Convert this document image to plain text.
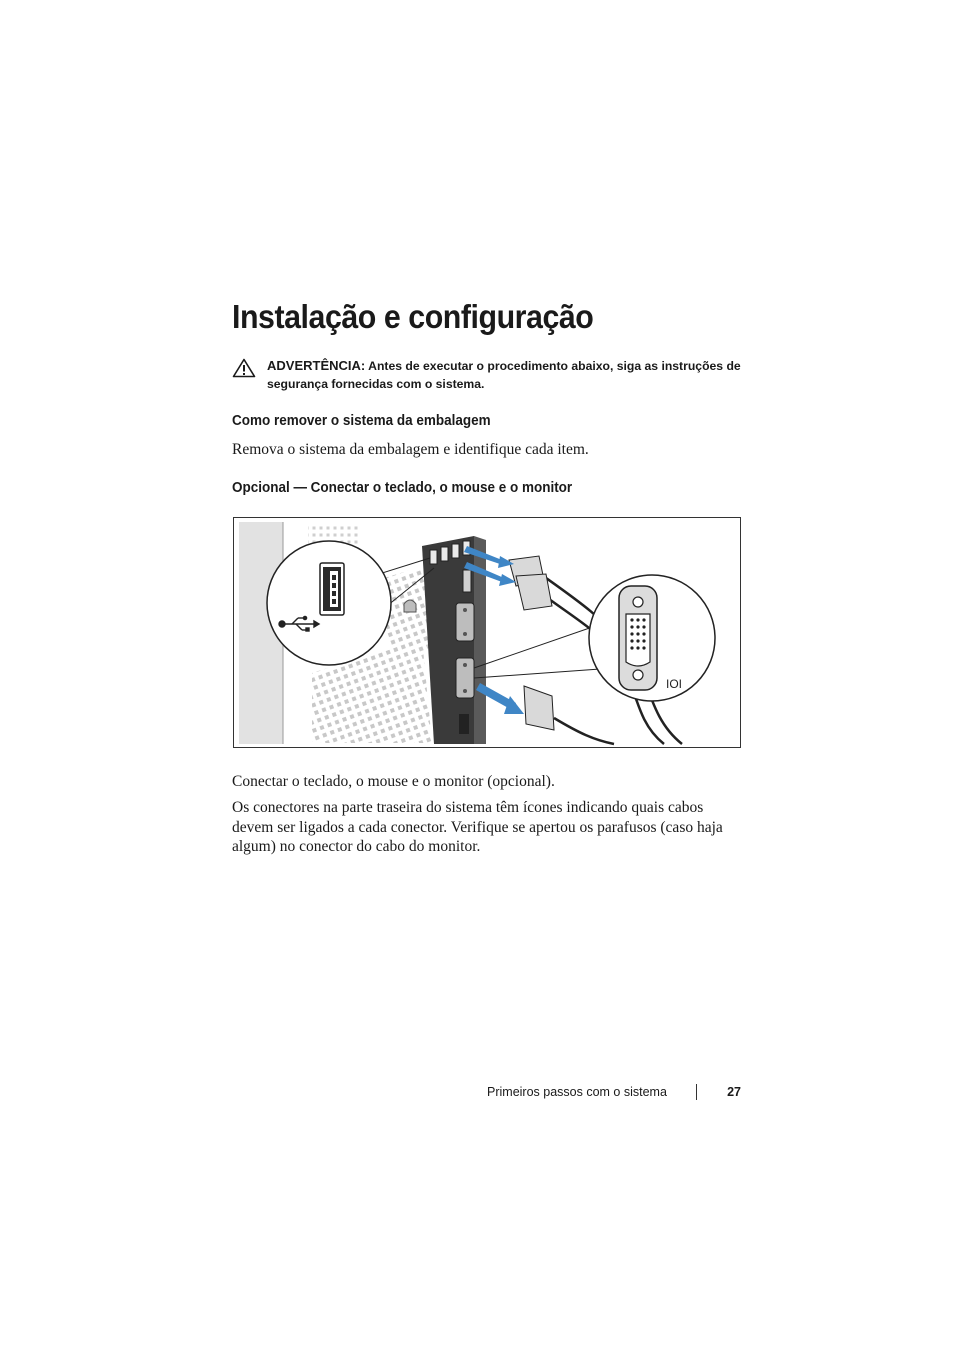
Instalação e configuração
ADVERTÊNCIA: Antes de executar o procedimento abaixo, siga as instruções de segurança fornecidas com o sistema.
Como remover o sistema da embalagem

Remova o sistema da embalagem e identifique cada item.

Opcional — Conectar o teclado, o mouse e o monitor
IOI

Conectar o teclado, o mouse e o monitor (opcional).

Os conectores na parte traseira do sistema têm ícones indicando quais cabos devem ser ligados a cada conector. Verifique se apertou os parafusos (caso haja algum) no conector do cabo do monitor.

Primeiros passos com o sistema	27
